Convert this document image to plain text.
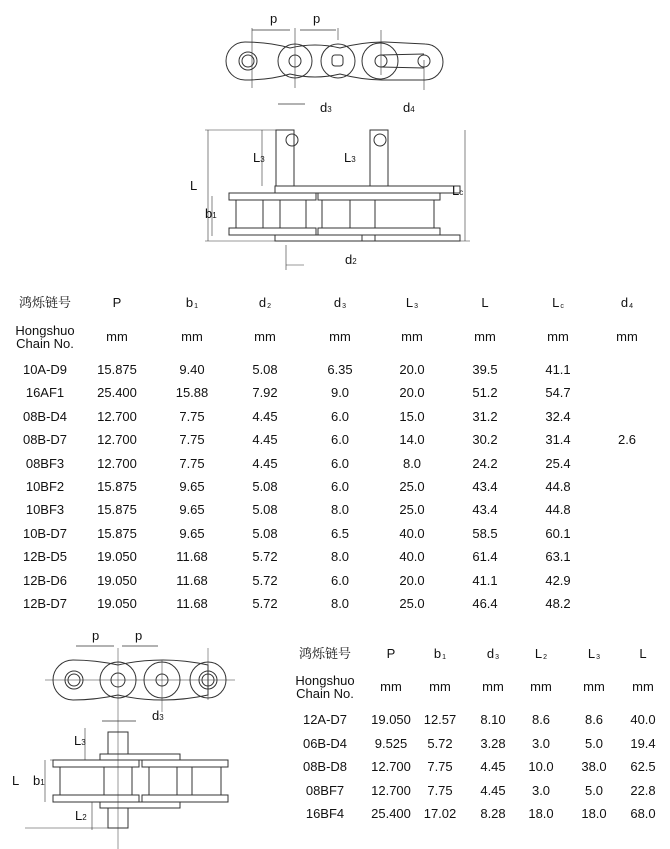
p	p
d3	d4
L3	L3
L
b1
Lc
d2
p	p
d3
L3
L b1
L2
鸿烁链号	P	$b_1$	$d_2$	$d_3$	$L_3$	L	$L_c$	$d_4$
Hongshuo
Chain No. mm	mm	mm	mm	mm	mm	mm	mm
10A-D9 15.875	9.40	5.08	6.35	20.0	39.5	41.1
16AF1	25.400	15.88	7.92	9.0	20.0	51.2	54.7
08B-D4 12.700	7.75	4.45	6.0	15.0	31.2	32.4
08B-D7 12.700	7.75	4.45	6.0	14.0	30.2	31.4	2.6
08BF3	12.700	7.75	4.45	6.0	8.0	24.2	25.4
10BF2	15.875	9.65	5.08	6.0	25.0	43.4	44.8
10BF3	15.875	9.65	5.08	8.0	25.0	43.4	44.8
10B-D7 15.875	9.65	5.08	6.5	40.0	58.5	60.1
12B-D5 19.050	11.68	5.72	8.0	40.0	61.4	63.1
12B-D6 19.050	11.68	5.72	6.0	20.0	41.1	42.9
12B-D7 19.050	11.68	5.72	8.0	25.0	46.4	48.2
鸿烁链号	P	$b_1$	$d_3$	$L_2$	$L_3$	L
Hongshuo
Chain No. mm mm mm mm mm mm
12A-D7 19.050 12.57 8.10 8.6	8.6 40.0
06B-D4 9.525 5.72 3.28 3.0	5.0 19.4
08B-D8 12.700 7.75 4.45 10.0 38.0 62.5
08BF7 12.700 7.75 4.45 3.0	5.0 22.8
16BF4 25.400 17.02 8.28 18.0 18.0 68.0
